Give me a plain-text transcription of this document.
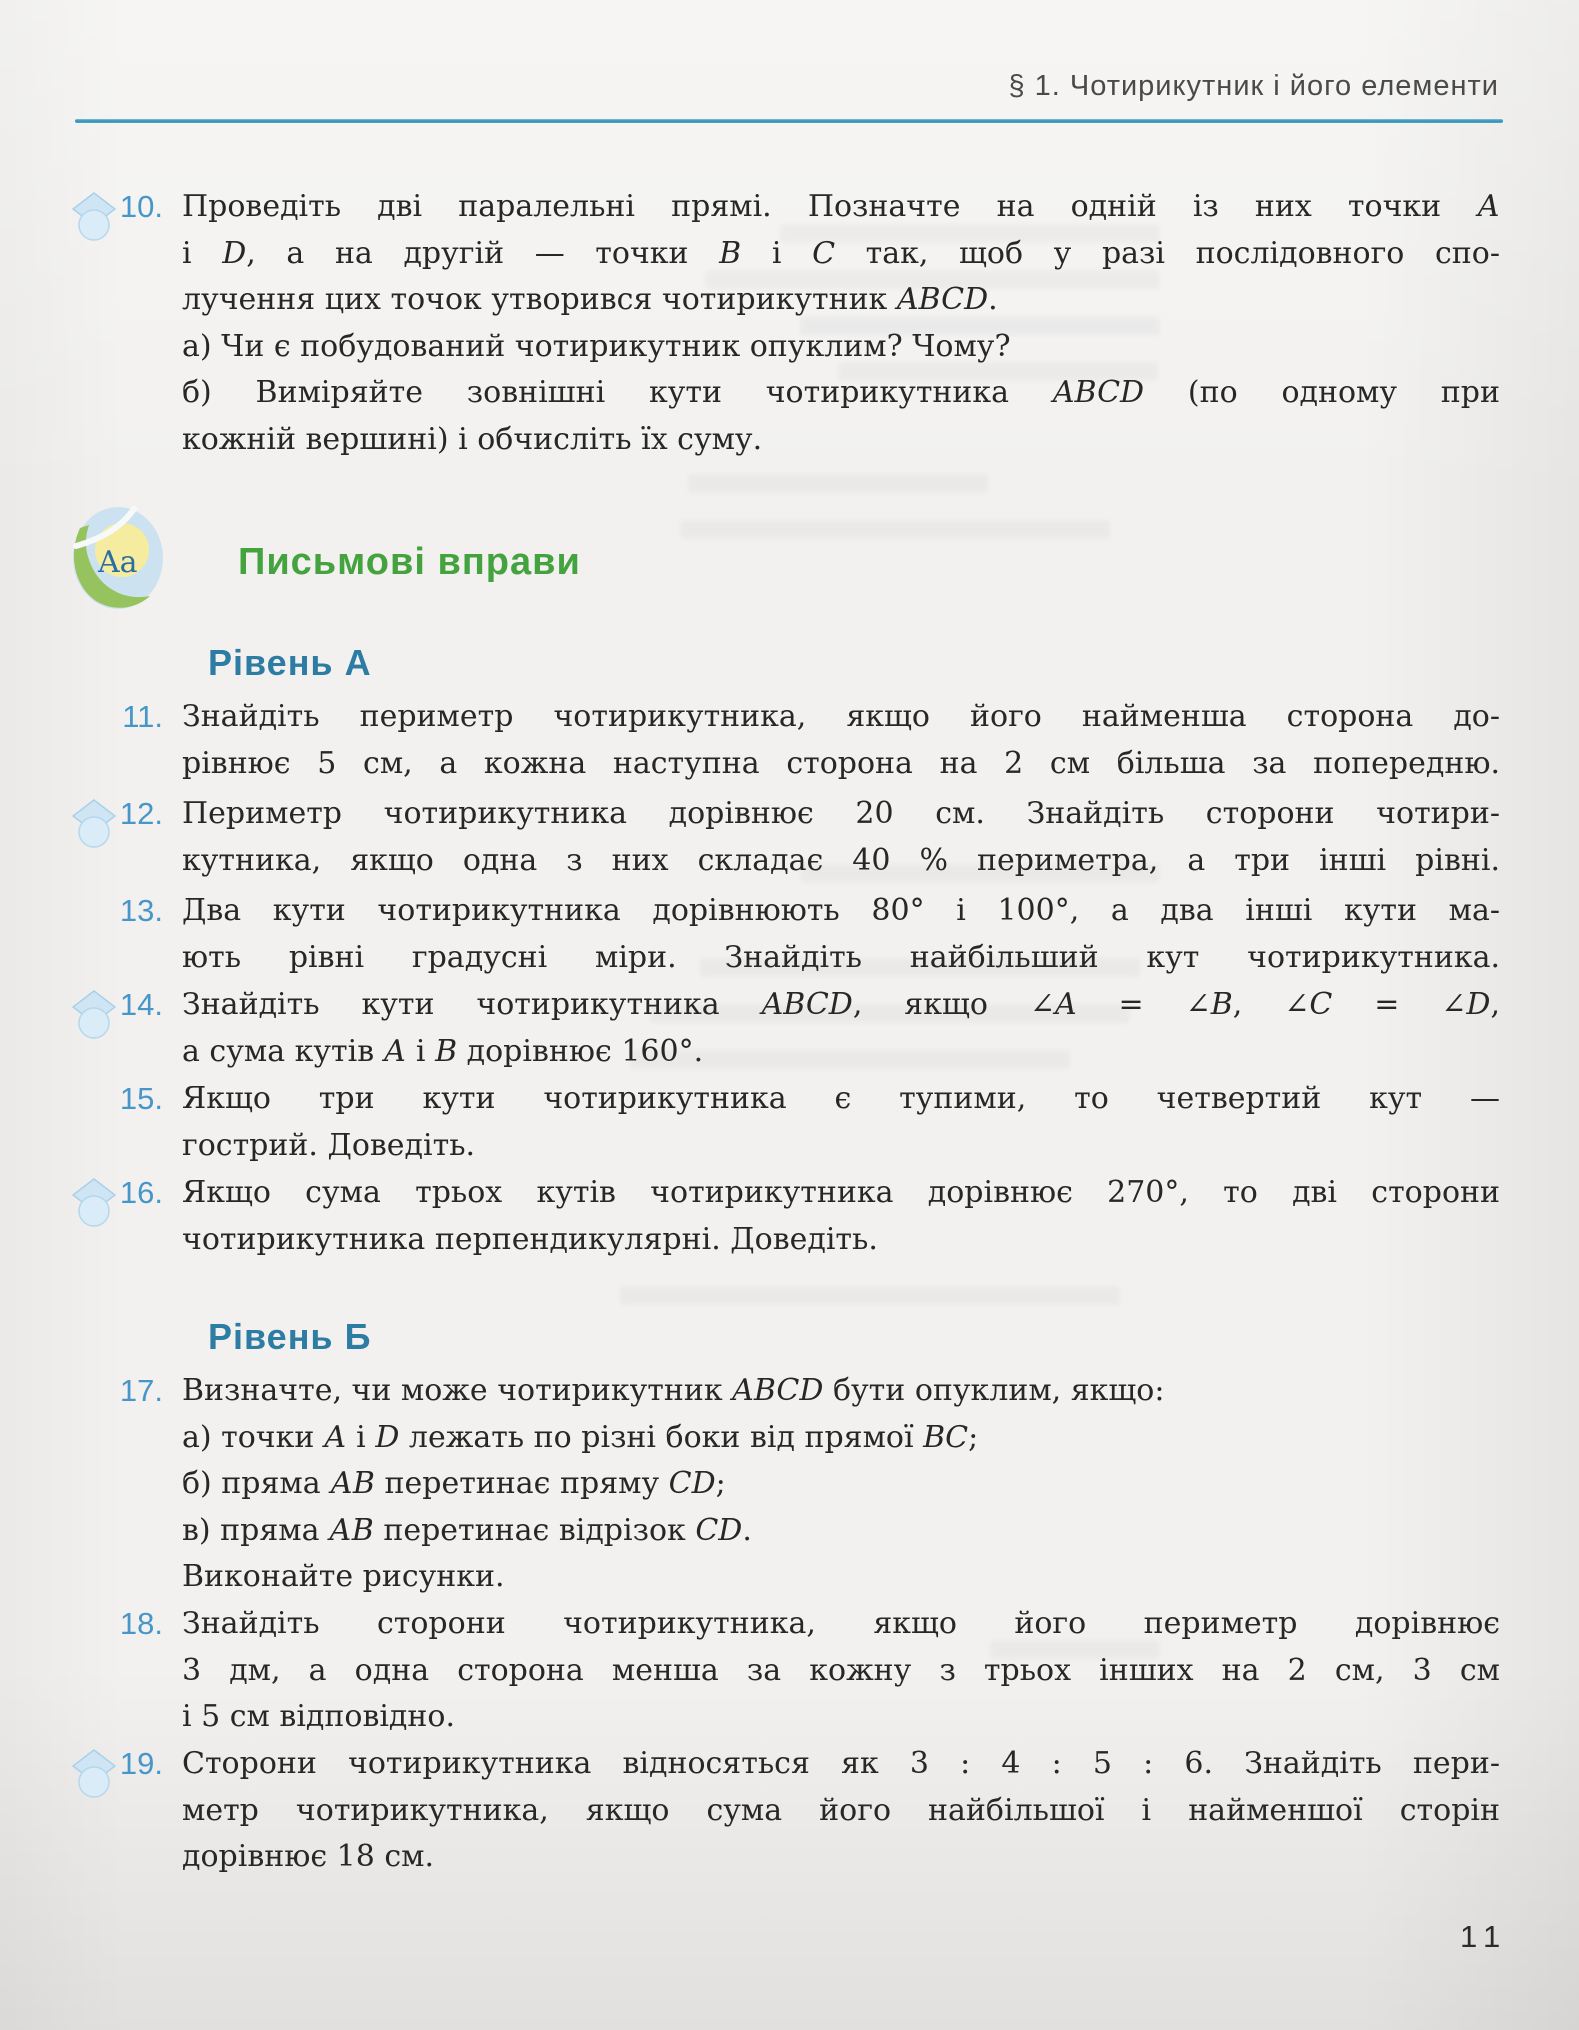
§ 1. Чотирикутник і його елементи
Aa	Письмові вправи
Рівень А
Рівень Б
10. Проведіть дві паралельні прямі. Позначте на одній із них точки А
і D, а на другій — точки В і С так, щоб у разі послідовного спо-
лучення цих точок утворився чотирикутник ABCD.
а) Чи є побудований чотирикутник опуклим? Чому?
б) Виміряйте зовнішні кути чотирикутника ABCD (по одному при
кожній вершині) і обчисліть їх суму.
11. Знайдіть периметр чотирикутника, якщо його найменша сторона до-
рівнює 5 см, а кожна наступна сторона на 2 см більша за попередню.
12. Периметр чотирикутника дорівнює 20 см. Знайдіть сторони чотири-
кутника, якщо одна з них складає 40 % периметра, а три інші рівні.
13. Два кути чотирикутника дорівнюють 80° і 100°, а два інші кути ма-
ють рівні градусні міри. Знайдіть найбільший кут чотирикутника.
14. Знайдіть кути чотирикутника ABCD, якщо ∠A = ∠B, ∠C = ∠D,
а сума кутів А і В дорівнює 160°.
15. Якщо три кути чотирикутника є тупими, то четвертий кут —
гострий. Доведіть.
16. Якщо сума трьох кутів чотирикутника дорівнює 270°, то дві сторони
чотирикутника перпендикулярні. Доведіть.
17. Визначте, чи може чотирикутник ABCD бути опуклим, якщо:
а) точки А і D лежать по різні боки від прямої ВС;
б) пряма АВ перетинає пряму CD;
в) пряма АВ перетинає відрізок CD.
Виконайте рисунки.
18. Знайдіть сторони чотирикутника, якщо його периметр дорівнює
3 дм, а одна сторона менша за кожну з трьох інших на 2 см, 3 см
і 5 см відповідно.
19. Сторони чотирикутника відносяться як 3 : 4 : 5 : 6. Знайдіть пери-
метр чотирикутника, якщо сума його найбільшої і найменшої сторін
дорівнює 18 см.
11
